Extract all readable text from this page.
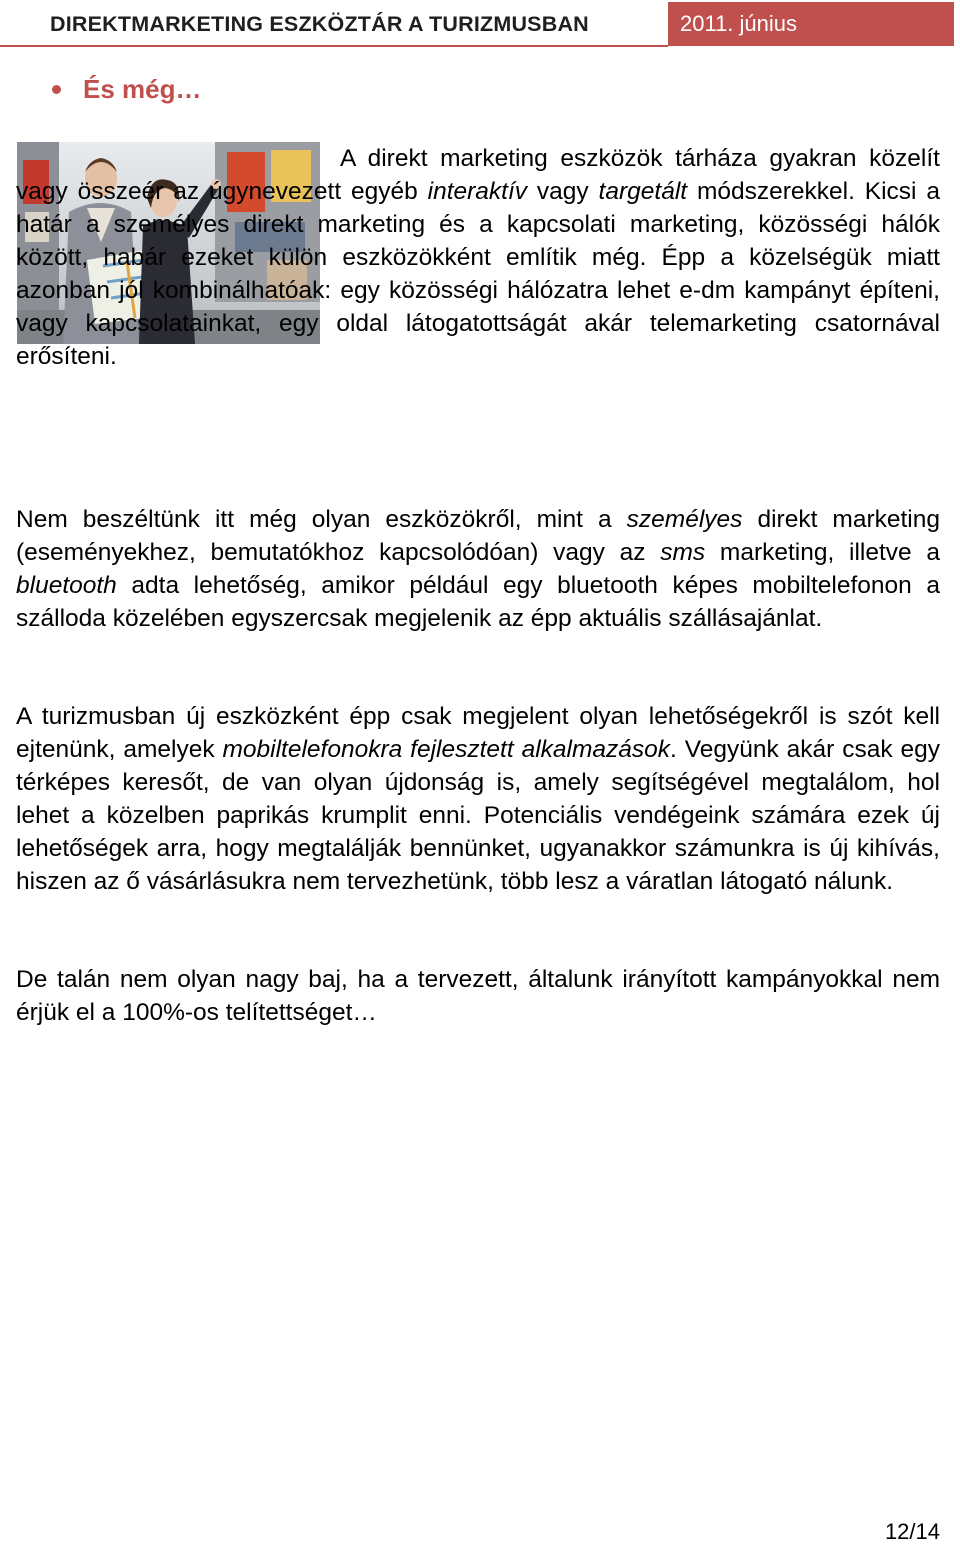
DIREKTMARKETING ESZKÖZTÁR A TURIZMUSBAN	2011. június
És még…

A direkt marketing eszközök tárháza gyakran közelít vagy összeér az úgynevezett egyéb interaktív vagy targetált módszerekkel. Kicsi a határ a személyes direkt marketing és a kapcsolati marketing, közösségi hálók között, habár ezeket külön eszközökként említik még. Épp a közelségük miatt azonban jól kombinálhatóak: egy közösségi hálózatra lehet e-dm kampányt építeni, vagy kapcsolatainkat, egy oldal látogatottságát akár telemarketing csatornával erősíteni.

Nem beszéltünk itt még olyan eszközökről, mint a személyes direkt marketing (eseményekhez, bemutatókhoz kapcsolódóan) vagy az sms marketing, illetve a bluetooth adta lehetőség, amikor például egy bluetooth képes mobiltelefonon a szálloda közelében egyszercsak megjelenik az épp aktuális szállásajánlat.

A turizmusban új eszközként épp csak megjelent olyan lehetőségekről is szót kell ejtenünk, amelyek mobiltelefonokra fejlesztett alkalmazások. Vegyünk akár csak egy térképes keresőt, de van olyan újdonság is, amely segítségével megtalálom, hol lehet a közelben paprikás krumplit enni. Potenciális vendégeink számára ezek új lehetőségek arra, hogy megtalálják bennünket, ugyanakkor számunkra is új kihívás, hiszen az ő vásárlásukra nem tervezhetünk, több lesz a váratlan látogató nálunk.

De talán nem olyan nagy baj, ha a tervezett, általunk irányított kampányokkal nem érjük el a 100%-os telítettséget…

12/14
